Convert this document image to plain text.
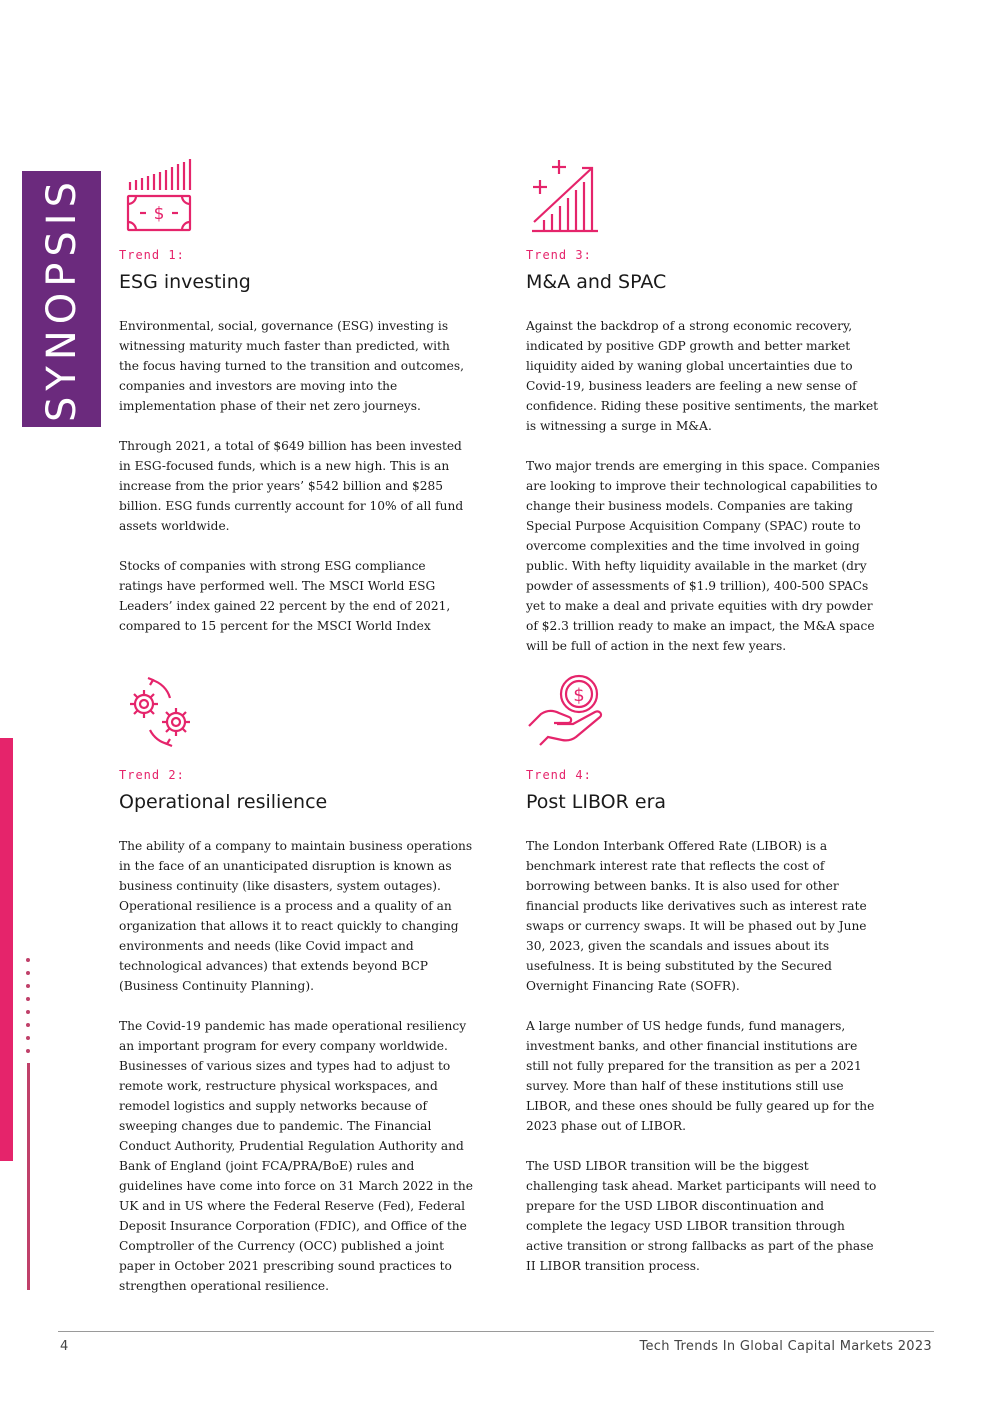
SYNOPSIS	$
Trend 1:
ESG investing

Environmental, social, governance (ESG) investing is witnessing maturity much faster than predicted, with the focus having turned to the transition and outcomes, companies and investors are moving into the implementation phase of their net zero journeys.

Through 2021, a total of $649 billion has been invested in ESG-focused funds, which is a new high. This is an increase from the prior years’ $542 billion and $285 billion. ESG funds currently account for 10% of all fund assets worldwide.

Stocks of companies with strong ESG compliance ratings have performed well. The MSCI World ESG Leaders’ index gained 22 percent by the end of 2021, compared to 15 percent for the MSCI World Index

Trend 2:
Operational resilience

The ability of a company to maintain business operations in the face of an unanticipated disruption is known as business continuity (like disasters, system outages). Operational resilience is a process and a quality of an organization that allows it to react quickly to changing environments and needs (like Covid impact and technological advances) that extends beyond BCP (Business Continuity Planning).

The Covid-19 pandemic has made operational resiliency an important program for every company worldwide. Businesses of various sizes and types had to adjust to remote work, restructure physical workspaces, and remodel logistics and supply networks because of sweeping changes due to pandemic. The Financial Conduct Authority, Prudential Regulation Authority and Bank of England (joint FCA/PRA/BoE) rules and guidelines have come into force on 31 March 2022 in the UK and in US where the Federal Reserve (Fed), Federal Deposit Insurance Corporation (FDIC), and Office of the Comptroller of the Currency (OCC) published a joint paper in October 2021 prescribing sound practices to strengthen operational resilience.

Trend 3:
M&A and SPAC

Against the backdrop of a strong economic recovery, indicated by positive GDP growth and better market liquidity aided by waning global uncertainties due to Covid-19, business leaders are feeling a new sense of confidence. Riding these positive sentiments, the market is witnessing a surge in M&A.

Two major trends are emerging in this space. Companies are looking to improve their technological capabilities to change their business models. Companies are taking Special Purpose Acquisition Company (SPAC) route to overcome complexities and the time involved in going public. With hefty liquidity available in the market (dry powder of assessments of $1.9 trillion), 400-500 SPACs yet to make a deal and private equities with dry powder of $2.3 trillion ready to make an impact, the M&A space will be full of action in the next few years.

$
Trend 4:
Post LIBOR era

The London Interbank Offered Rate (LIBOR) is a benchmark interest rate that reflects the cost of borrowing between banks. It is also used for other financial products like derivatives such as interest rate swaps or currency swaps. It will be phased out by June 30, 2023, given the scandals and issues about its usefulness. It is being substituted by the Secured Overnight Financing Rate (SOFR).

A large number of US hedge funds, fund managers, investment banks, and other financial institutions are still not fully prepared for the transition as per a 2021 survey. More than half of these institutions still use LIBOR, and these ones should be fully geared up for the 2023 phase out of LIBOR.

The USD LIBOR transition will be the biggest challenging task ahead. Market participants will need to prepare for the USD LIBOR discontinuation and complete the legacy USD LIBOR transition through active transition or strong fallbacks as part of the phase II LIBOR transition process.

4	Tech Trends In Global Capital Markets 2023
